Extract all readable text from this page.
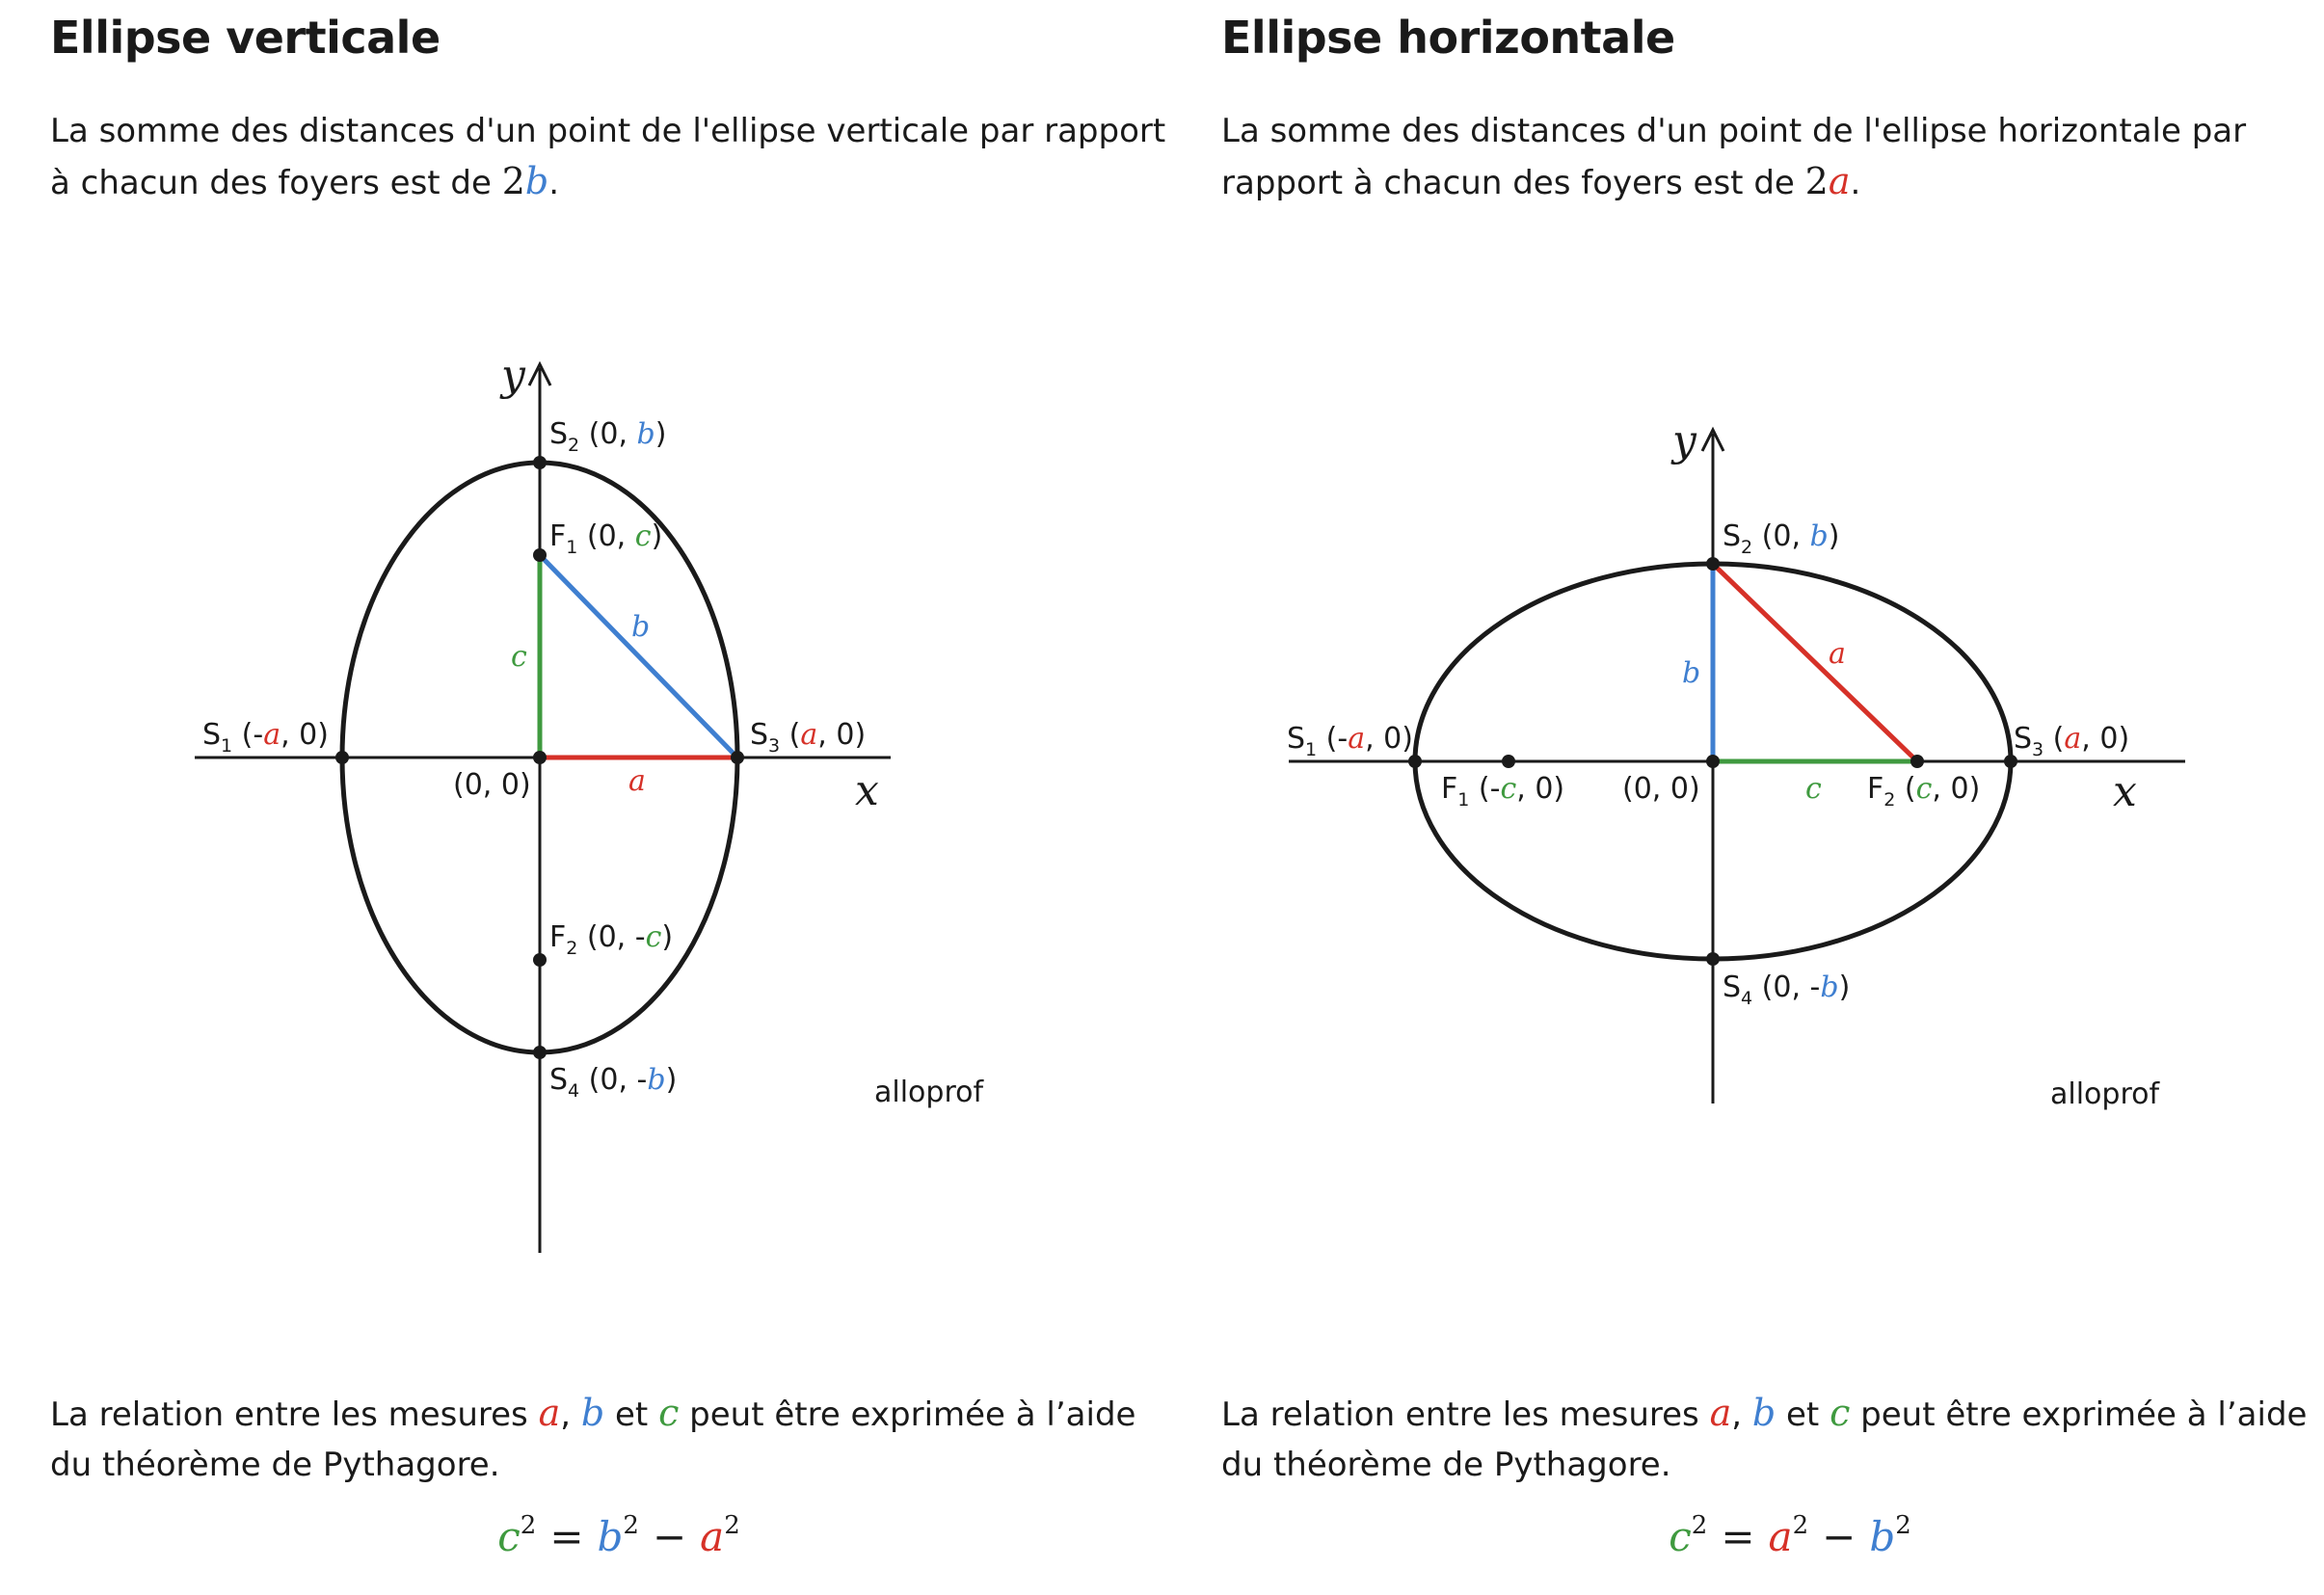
Ellipse verticale

La somme des distances d'un point de l'ellipse verticale par rapport à chacun des foyers est de 2b.

x
y
a
b
c
$S_1$ (-a, 0)
$S_2$ (0, b)
$S_3$ (a, 0)
$S_4$ (0, -b)
$F_1$ (0, c)
$F_2$ (0, -c)
(0, 0)
alloprof

La relation entre les mesures a, b et c peut être exprimée à l’aide du théorème de Pythagore.

$c^2 = b^2 - a^2$
Ellipse horizontale

La somme des distances d'un point de l'ellipse horizontale par rapport à chacun des foyers est de 2a.

x
y
a
b
c
$S_1$ (-a, 0)
$S_2$ (0, b)
$S_3$ (a, 0)
$S_4$ (0, -b)
$F_1$ (-c, 0)	$F_2$ (c, 0)
(0, 0)
alloprof

La relation entre les mesures a, b et c peut être exprimée à l’aide du théorème de Pythagore.

$c^2 = a^2 - b^2$
